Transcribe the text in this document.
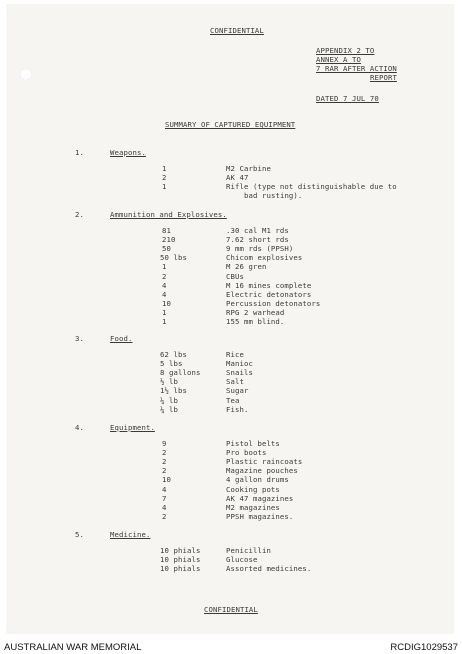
CONFIDENTIAL
APPENDIX 2 TO
ANNEX A TO
7 RAR AFTER ACTION
REPORT
DATED 7 JUL 70
SUMMARY OF CAPTURED EQUIPMENT
1.	Weapons.
1	M2 Carbine
2	AK 47
1	Rifle (type not distinguishable due to
bad rusting).
2.	Ammunition and Explosives.
81	.30 cal M1 rds
210	7.62 short rds
50	9 mm rds (PPSH)
50 lbs	Chicom explosives
1	M 26 gren
2	CBUs
4	M 16 mines complete
4	Electric detonators
10	Percussion detonators
1	RPG 2 warhead
1	155 mm blind.
3.	Food.
62 lbs	Rice
5 lbs	Manioc
8 gallons	Snails
½ lb	Salt
1½ lbs	Sugar
¼ lb	Tea
¼ lb	Fish.
4.	Equipment.
9	Pistol belts
2	Pro boots
2	Plastic raincoats
2	Magazine pouches
10	4 gallon drums
4	Cooking pots
7	AK 47 magazines
4	M2 magazines
2	PPSH magazines.
5.	Medicine.
10 phials	Penicillin
10 phials	Glucose
10 phials	Assorted medicines.
CONFIDENTIAL
AUSTRALIAN WAR MEMORIAL	RCDIG1029537
